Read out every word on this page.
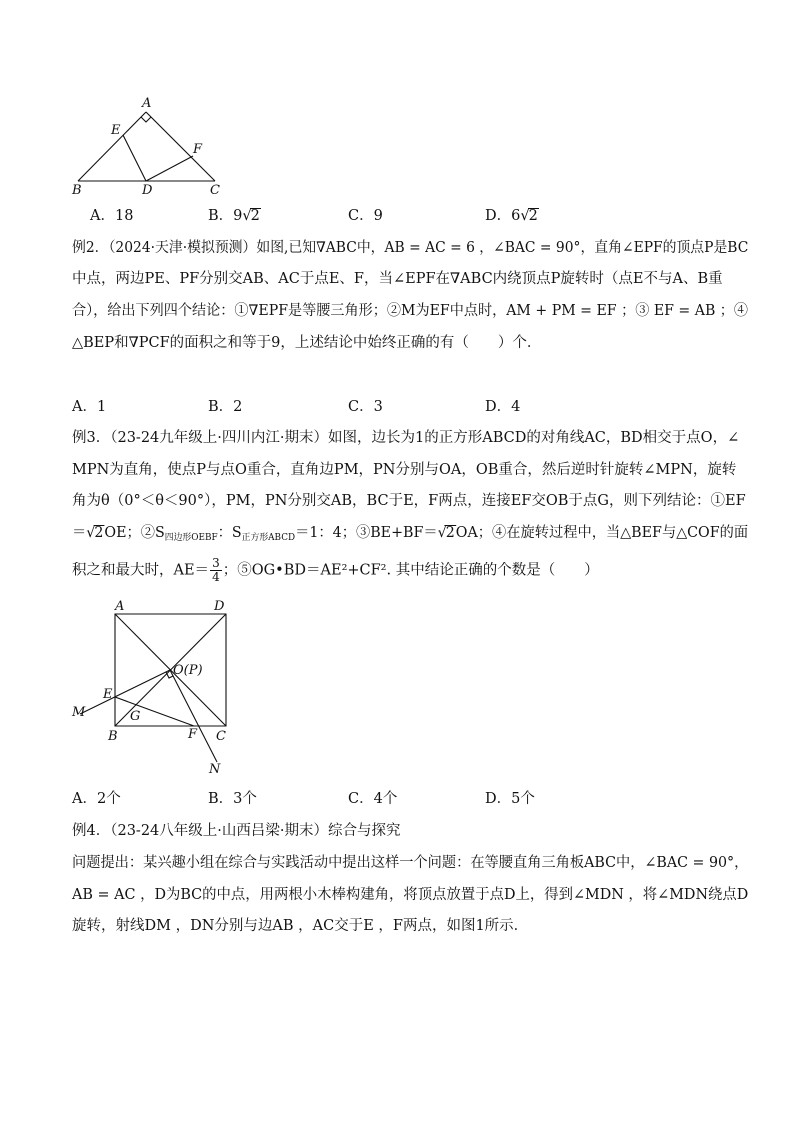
A
E
F
B	D	C
A．18	B．9√2	C．9	D．6√2
例2．（2024·天津·模拟预测）如图,已知∇ABC中，AB = AC = 6 ，∠BAC = 90°，直角∠EPF的顶点P是BC
中点，两边PE、PF分别交AB、AC于点E、F，当∠EPF在∇ABC内绕顶点P旋转时（点E不与A、B重
合），给出下列四个结论：①∇EPF是等腰三角形；②M为EF中点时，AM + PM = EF ；③ EF = AB ；④
△BEP和∇PCF的面积之和等于9，上述结论中始终正确的有（　　）个．
A．1	B．2	C．3	D．4
例3．（23-24九年级上·四川内江·期末）如图，边长为1的正方形ABCD的对角线AC，BD相交于点O，∠
MPN为直角，使点P与点O重合，直角边PM，PN分别与OA，OB重合，然后逆时针旋转∠MPN，旋转
角为θ（0°＜θ＜90°），PM，PN分别交AB，BC于E，F两点，连接EF交OB于点G，则下列结论：①EF
＝√2OE；$②S_{四边形OEBF}$：$S_{正方形ABCD}=1$：4；③BE+BF＝√2OA；④在旋转过程中，当△BEF与△COF的面
积之和最大时，$AE= \frac{3}{4}$ ；⑤OG•BD＝AE²+CF². 其中结论正确的个数是（　　）
A	D
O(P)
E
M	G
B	F C
N
A．2个	B．3个	C．4个	D．5个
例4．（23-24八年级上·山西吕梁·期末）综合与探究
问题提出：某兴趣小组在综合与实践活动中提出这样一个问题：在等腰直角三角板ABC中，∠BAC = 90°，
AB = AC ，D为BC的中点，用两根小木棒构建角，将顶点放置于点D上，得到∠MDN ，将∠MDN绕点D
旋转，射线DM ，DN分别与边AB ，AC交于E ，F两点，如图1所示．
